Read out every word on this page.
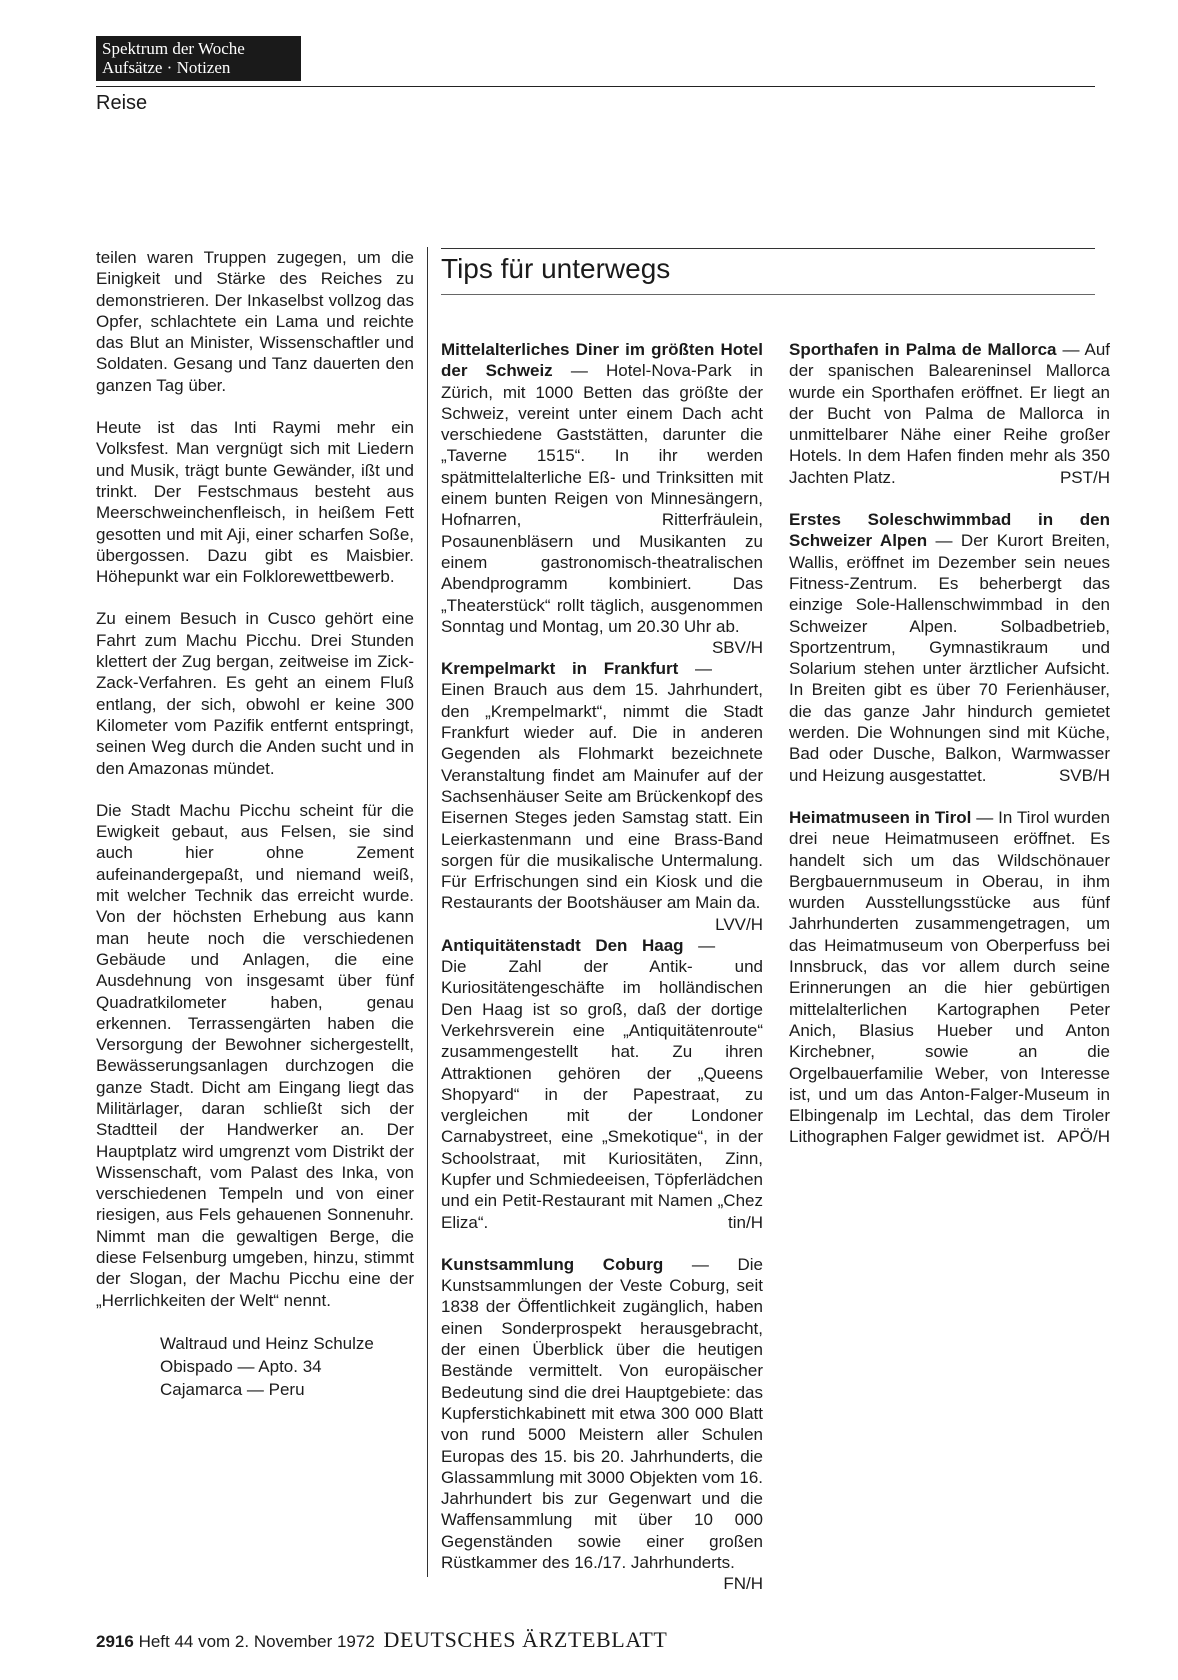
Spektrum der Woche
Aufsätze · Notizen
Reise

teilen waren Truppen zugegen, um die Einigkeit und Stärke des Reiches zu demonstrieren. Der Inkaselbst vollzog das Opfer, schlachtete ein Lama und reichte das Blut an Minister, Wissenschaftler und Soldaten. Gesang und Tanz dauerten den ganzen Tag über.

Heute ist das Inti Raymi mehr ein Volksfest. Man vergnügt sich mit Liedern und Musik, trägt bunte Gewänder, ißt und trinkt. Der Festschmaus besteht aus Meerschweinchenfleisch, in heißem Fett gesotten und mit Aji, einer scharfen Soße, übergossen. Dazu gibt es Maisbier. Höhepunkt war ein Folklorewettbewerb.

Zu einem Besuch in Cusco gehört eine Fahrt zum Machu Picchu. Drei Stunden klettert der Zug bergan, zeitweise im Zick-Zack-Verfahren. Es geht an einem Fluß entlang, der sich, obwohl er keine 300 Kilometer vom Pazifik entfernt entspringt, seinen Weg durch die Anden sucht und in den Amazonas mündet.

Die Stadt Machu Picchu scheint für die Ewigkeit gebaut, aus Felsen, sie sind auch hier ohne Zement aufeinandergepaßt, und niemand weiß, mit welcher Technik das erreicht wurde. Von der höchsten Erhebung aus kann man heute noch die verschiedenen Gebäude und Anlagen, die eine Ausdehnung von insgesamt über fünf Quadratkilometer haben, genau erkennen. Terrassengärten haben die Versorgung der Bewohner sichergestellt, Bewässerungsanlagen durchzogen die ganze Stadt. Dicht am Eingang liegt das Militärlager, daran schließt sich der Stadtteil der Handwerker an. Der Hauptplatz wird umgrenzt vom Distrikt der Wissenschaft, vom Palast des Inka, von verschiedenen Tempeln und von einer riesigen, aus Fels gehauenen Sonnenuhr. Nimmt man die gewaltigen Berge, die diese Felsenburg umgeben, hinzu, stimmt der Slogan, der Machu Picchu eine der „Herrlichkeiten der Welt“ nennt.

Waltraud und Heinz Schulze
Obispado — Apto. 34
Cajamarca — Peru
Tips für unterwegs

Mittelalterliches Diner im größten Hotel der Schweiz — Hotel-Nova-Park in Zürich, mit 1000 Betten das größte der Schweiz, vereint unter einem Dach acht verschiedene Gaststätten, darunter die „Taverne 1515“. In ihr werden spätmittelalterliche Eß- und Trinksitten mit einem bunten Reigen von Minnesängern, Hofnarren, Ritterfräulein, Posaunenbläsern und Musikanten zu einem gastronomisch-theatralischen Abendprogramm kombiniert. Das „Theaterstück“ rollt täglich, ausgenommen Sonntag und Montag, um 20.30 Uhr ab.
SBV/H

Krempelmarkt in Frankfurt — Einen Brauch aus dem 15. Jahrhundert, den „Krempelmarkt“, nimmt die Stadt Frankfurt wieder auf. Die in anderen Gegenden als Flohmarkt bezeichnete Veranstaltung findet am Mainufer auf der Sachsenhäuser Seite am Brückenkopf des Eisernen Steges jeden Samstag statt. Ein Leierkastenmann und eine Brass-Band sorgen für die musikalische Untermalung. Für Erfrischungen sind ein Kiosk und die Restaurants der Bootshäuser am Main da.
LVV/H

Antiquitätenstadt Den Haag — Die Zahl der Antik- und Kuriositätengeschäfte im holländischen Den Haag ist so groß, daß der dortige Verkehrsverein eine „Antiquitätenroute“ zusammengestellt hat. Zu ihren Attraktionen gehören der „Queens Shopyard“ in der Papestraat, zu vergleichen mit der Londoner Carnabystreet, eine „Smekotique“, in der Schoolstraat, mit Kuriositäten, Zinn, Kupfer und Schmiedeeisen, Töpferlädchen und ein Petit-Restaurant mit Namen „Chez Eliza“.	tin/H

Kunstsammlung Coburg — Die Kunstsammlungen der Veste Coburg, seit 1838 der Öffentlichkeit zugänglich, haben einen Sonderprospekt herausgebracht, der einen Überblick über die heutigen Bestände vermittelt. Von europäischer Bedeutung sind die drei Hauptgebiete: das Kupferstichkabinett mit etwa 300 000 Blatt von rund 5000 Meistern aller Schulen Europas des 15. bis 20. Jahrhunderts, die Glassammlung mit 3000 Objekten vom 16. Jahrhundert bis zur Gegenwart und die Waffensammlung mit über 10 000 Gegenständen sowie einer großen Rüstkammer des 16./17. Jahrhunderts.
FN/H

Sporthafen in Palma de Mallorca — Auf der spanischen Baleareninsel Mallorca wurde ein Sporthafen eröffnet. Er liegt an der Bucht von Palma de Mallorca in unmittelbarer Nähe einer Reihe großer Hotels. In dem Hafen finden mehr als 350 Jachten Platz.	PST/H

Erstes Soleschwimmbad in den Schweizer Alpen — Der Kurort Breiten, Wallis, eröffnet im Dezember sein neues Fitness-Zentrum. Es beherbergt das einzige Sole-Hallenschwimmbad in den Schweizer Alpen. Solbadbetrieb, Sportzentrum, Gymnastikraum und Solarium stehen unter ärztlicher Aufsicht. In Breiten gibt es über 70 Ferienhäuser, die das ganze Jahr hindurch gemietet werden. Die Wohnungen sind mit Küche, Bad oder Dusche, Balkon, Warmwasser und Heizung ausgestattet.	SVB/H

Heimatmuseen in Tirol — In Tirol wurden drei neue Heimatmuseen eröffnet. Es handelt sich um das Wildschönauer Bergbauernmuseum in Oberau, in ihm wurden Ausstellungsstücke aus fünf Jahrhunderten zusammengetragen, um das Heimatmuseum von Oberperfuss bei Innsbruck, das vor allem durch seine Erinnerungen an die hier gebürtigen mittelalterlichen Kartographen Peter Anich, Blasius Hueber und Anton Kirchebner, sowie an die Orgelbauerfamilie Weber, von Interesse ist, und um das Anton-Falger-Museum in Elbingenalp im Lechtal, das dem Tiroler Lithographen Falger gewidmet ist. APÖ/H

2916 Heft 44 vom 2. November 1972 DEUTSCHES ÄRZTEBLATT
